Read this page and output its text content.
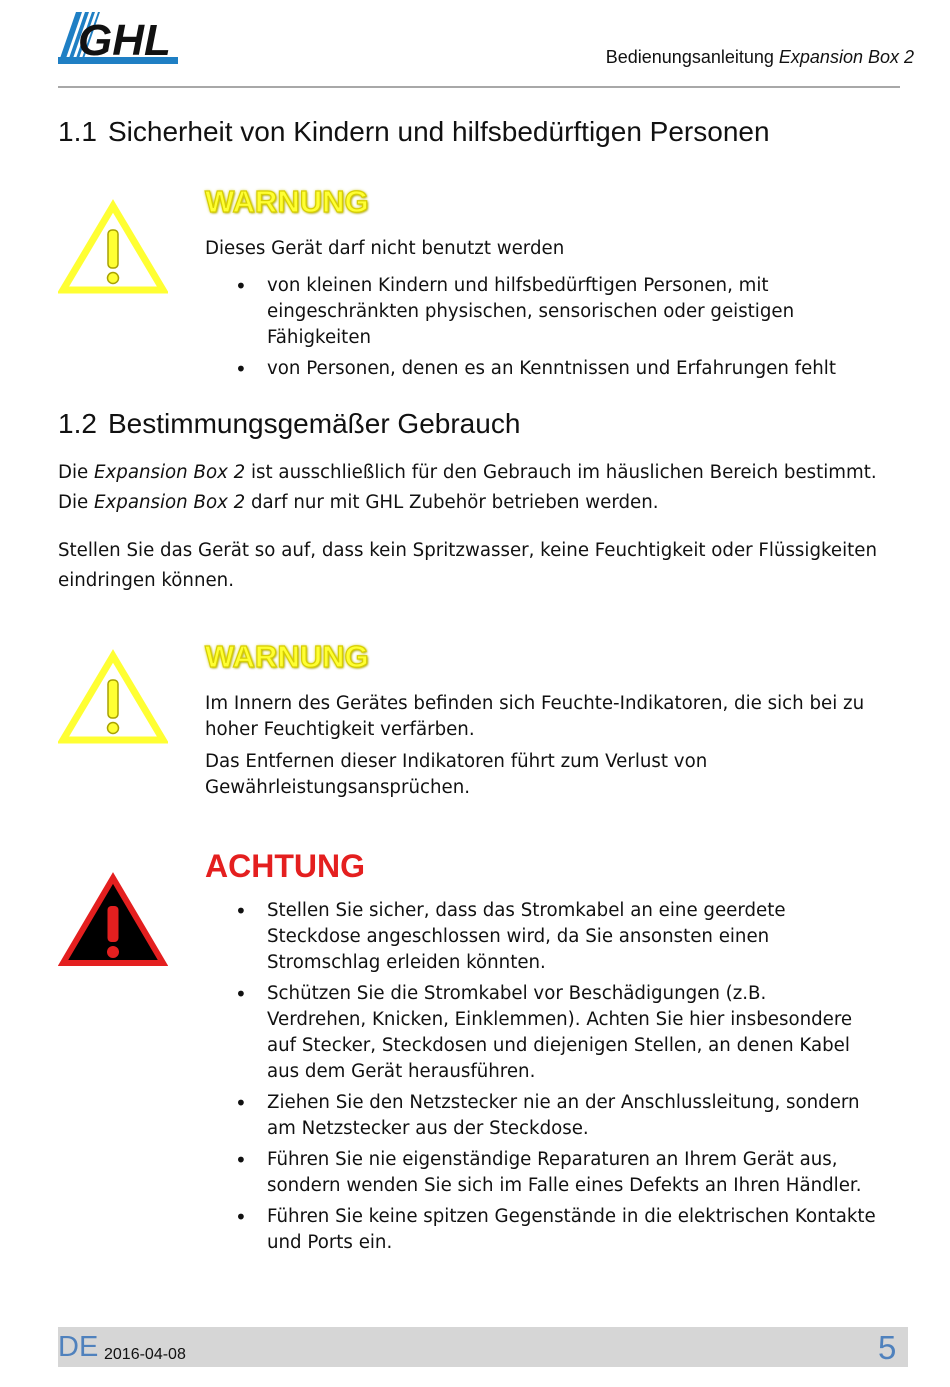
GHL	Bedienungsanleitung Expansion Box 2
1.1 Sicherheit von Kindern und hilfsbedürftigen Personen
WARNUNG
Dieses Gerät darf nicht benutzt werden
• von kleinen Kindern und hilfsbedürftigen Personen, mit eingeschränkten physischen, sensorischen oder geistigen Fähigkeiten
• von Personen, denen es an Kenntnissen und Erfahrungen fehlt
1.2 Bestimmungsgemäßer Gebrauch
Die Expansion Box 2 ist ausschließlich für den Gebrauch im häuslichen Bereich bestimmt. Die Expansion Box 2 darf nur mit GHL Zubehör betrieben werden.
Stellen Sie das Gerät so auf, dass kein Spritzwasser, keine Feuchtigkeit oder Flüssigkeiten eindringen können.
WARNUNG
Im Innern des Gerätes befinden sich Feuchte-Indikatoren, die sich bei zu hoher Feuchtigkeit verfärben.
Das Entfernen dieser Indikatoren führt zum Verlust von Gewährleistungsansprüchen.
ACHTUNG
• Stellen Sie sicher, dass das Stromkabel an eine geerdete Steckdose angeschlossen wird, da Sie ansonsten einen Stromschlag erleiden könnten.
• Schützen Sie die Stromkabel vor Beschädigungen (z.B. Verdrehen, Knicken, Einklemmen). Achten Sie hier insbesondere auf Stecker, Steckdosen und diejenigen Stellen, an denen Kabel aus dem Gerät herausführen.
• Ziehen Sie den Netzstecker nie an der Anschlussleitung, sondern am Netzstecker aus der Steckdose.
• Führen Sie nie eigenständige Reparaturen an Ihrem Gerät aus, sondern wenden Sie sich im Falle eines Defekts an Ihren Händler.
• Führen Sie keine spitzen Gegenstände in die elektrischen Kontakte und Ports ein.
DE 2016-04-08	5
